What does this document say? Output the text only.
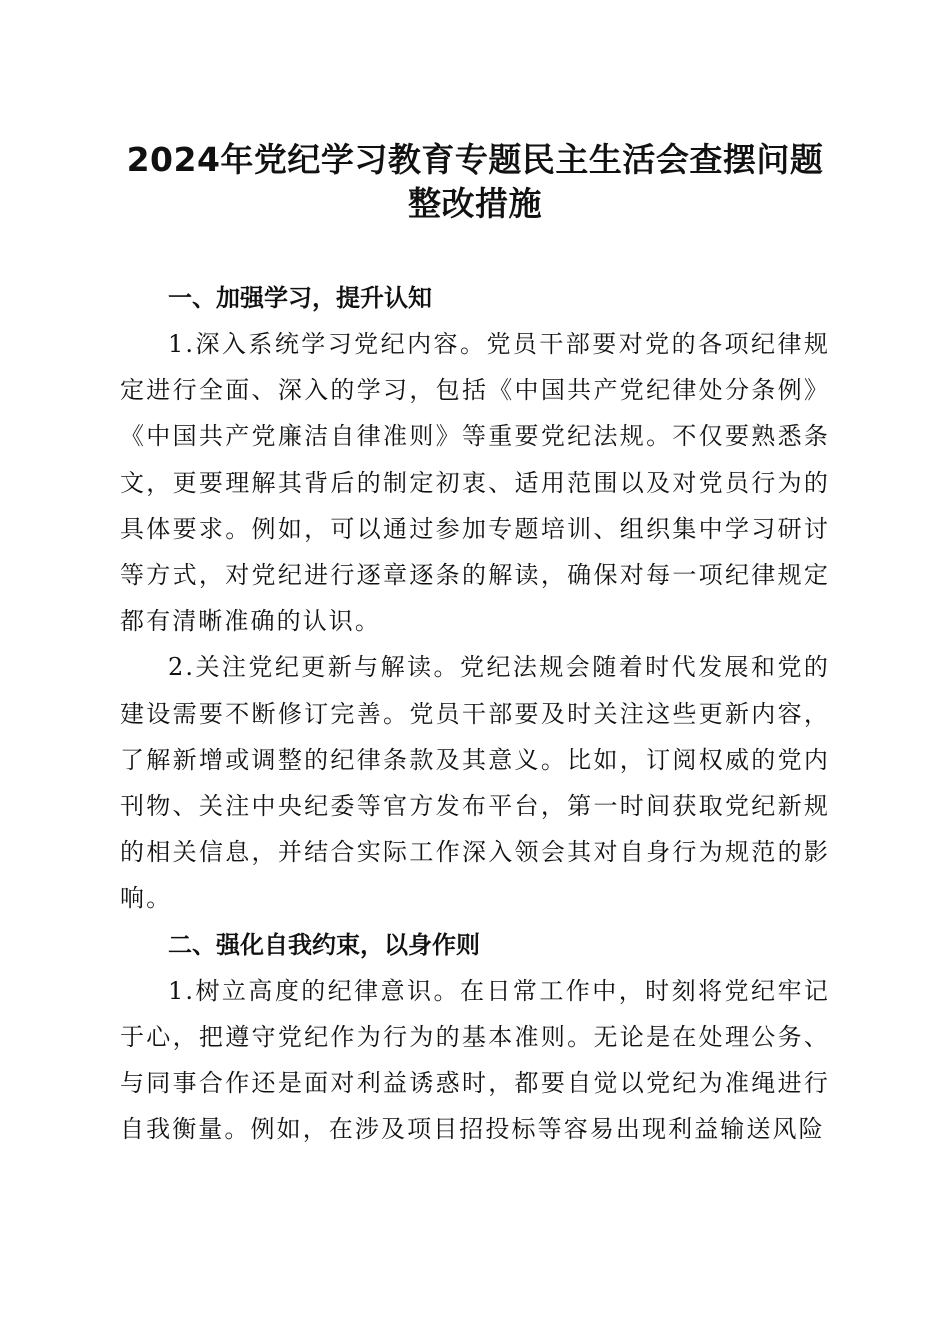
2024年党纪学习教育专题民主生活会查摆问题整改措施
一、加强学习，提升认知

1.深入系统学习党纪内容。党员干部要对党的各项纪律规定进行全面、深入的学习，包括《中国共产党纪律处分条例》《中国共产党廉洁自律准则》等重要党纪法规。不仅要熟悉条文，更要理解其背后的制定初衷、适用范围以及对党员行为的具体要求。例如，可以通过参加专题培训、组织集中学习研讨等方式，对党纪进行逐章逐条的解读，确保对每一项纪律规定都有清晰准确的认识。

2.关注党纪更新与解读。党纪法规会随着时代发展和党的建设需要不断修订完善。党员干部要及时关注这些更新内容，了解新增或调整的纪律条款及其意义。比如，订阅权威的党内刊物、关注中央纪委等官方发布平台，第一时间获取党纪新规的相关信息，并结合实际工作深入领会其对自身行为规范的影响。

二、强化自我约束，以身作则

1.树立高度的纪律意识。在日常工作中，时刻将党纪牢记于心，把遵守党纪作为行为的基本准则。无论是在处理公务、与同事合作还是面对利益诱惑时，都要自觉以党纪为准绳进行自我衡量。例如，在涉及项目招投标等容易出现利益输送风险
